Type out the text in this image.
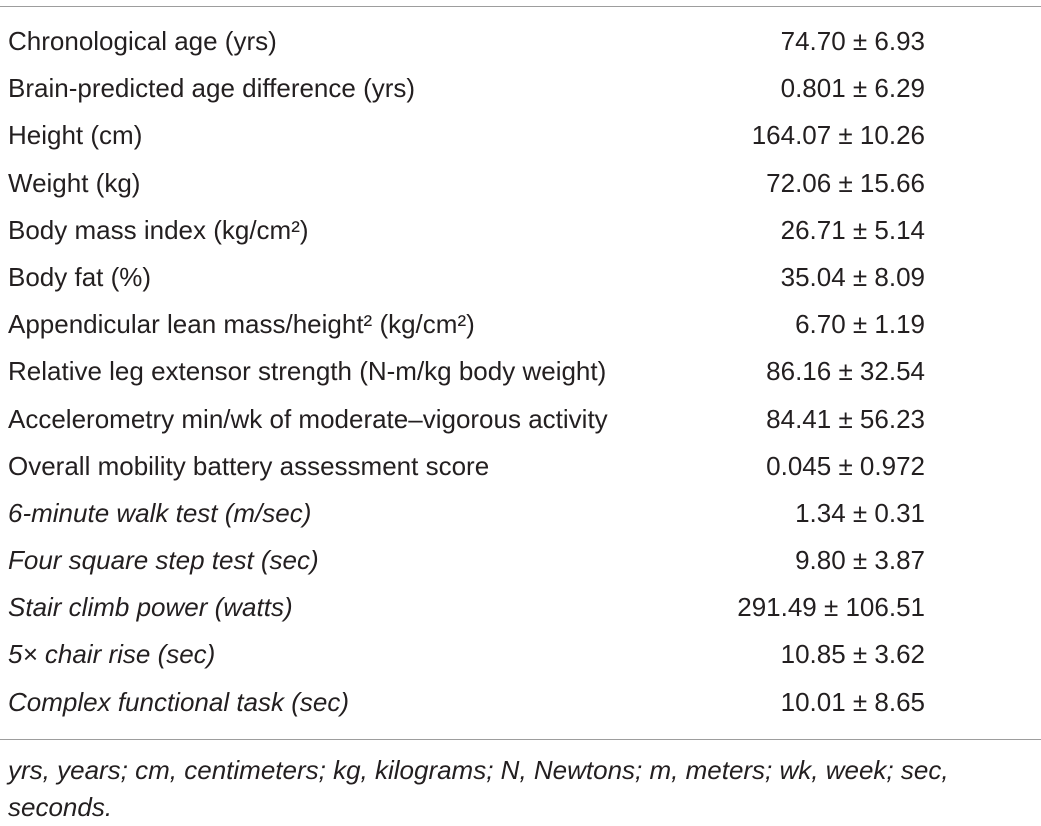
Chronological age (yrs)	74.70 ± 6.93
Brain-predicted age difference (yrs)	0.801 ± 6.29
Height (cm)	164.07 ± 10.26
Weight (kg)	72.06 ± 15.66
Body mass index (kg/cm²)	26.71 ± 5.14
Body fat (%)	35.04 ± 8.09
Appendicular lean mass/height² (kg/cm²)	6.70 ± 1.19
Relative leg extensor strength (N-m/kg body weight)	86.16 ± 32.54
Accelerometry min/wk of moderate–vigorous activity	84.41 ± 56.23
Overall mobility battery assessment score	0.045 ± 0.972
6-minute walk test (m/sec)	1.34 ± 0.31
Four square step test (sec)	9.80 ± 3.87
Stair climb power (watts)	291.49 ± 106.51
5× chair rise (sec)	10.85 ± 3.62
Complex functional task (sec)	10.01 ± 8.65
yrs, years; cm, centimeters; kg, kilograms; N, Newtons; m, meters; wk, week; sec, seconds.
